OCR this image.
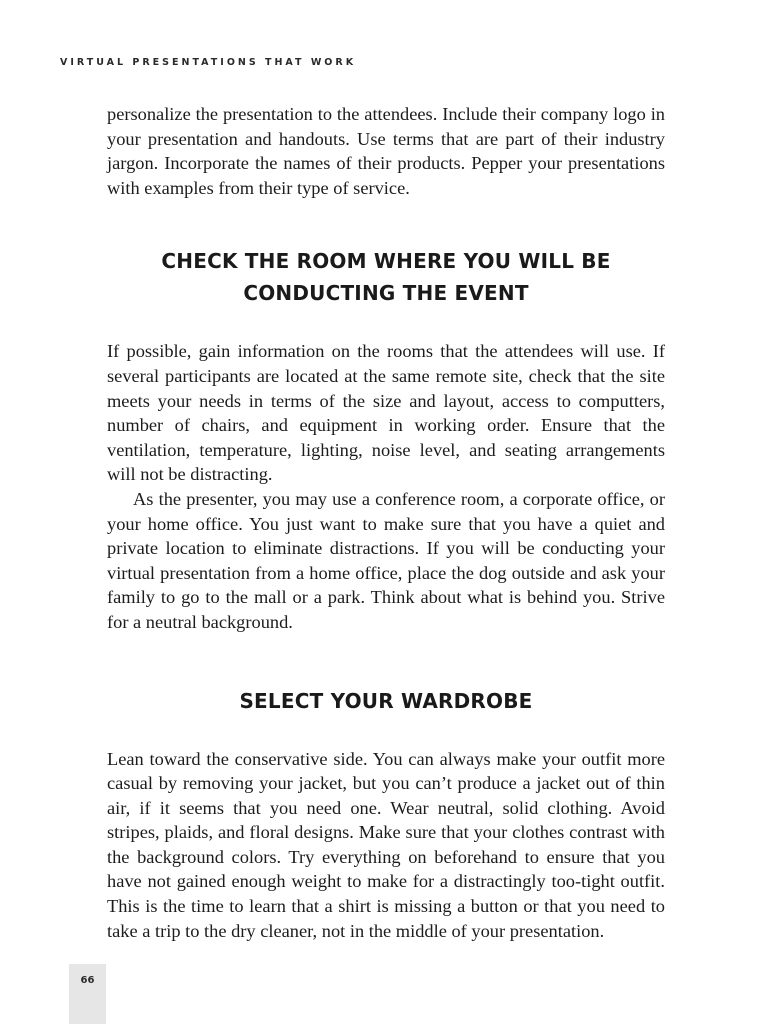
VIRTUAL PRESENTATIONS THAT WORK

personalize the presentation to the attendees. Include their company logo in your presentation and handouts. Use terms that are part of their industry jargon. Incorporate the names of their products. Pepper your presentations with examples from their type of service.

CHECK THE ROOM WHERE YOU WILL BE
CONDUCTING THE EVENT

If possible, gain information on the rooms that the attendees will use. If several participants are located at the same remote site, check that the site meets your needs in terms of the size and layout, access to computters, number of chairs, and equipment in working order. Ensure that the ventilation, temperature, lighting, noise level, and seating arrangements will not be distracting.

As the presenter, you may use a conference room, a corporate office, or your home office. You just want to make sure that you have a quiet and private location to eliminate distractions. If you will be conducting your virtual presentation from a home office, place the dog outside and ask your family to go to the mall or a park. Think about what is behind you. Strive for a neutral background.

SELECT YOUR WARDROBE

Lean toward the conservative side. You can always make your outfit more casual by removing your jacket, but you can’t produce a jacket out of thin air, if it seems that you need one. Wear neutral, solid clothing. Avoid stripes, plaids, and floral designs. Make sure that your clothes contrast with the background colors. Try everything on beforehand to ensure that you have not gained enough weight to make for a distractingly too-tight outfit. This is the time to learn that a shirt is missing a button or that you need to take a trip to the dry cleaner, not in the middle of your presentation.

66
